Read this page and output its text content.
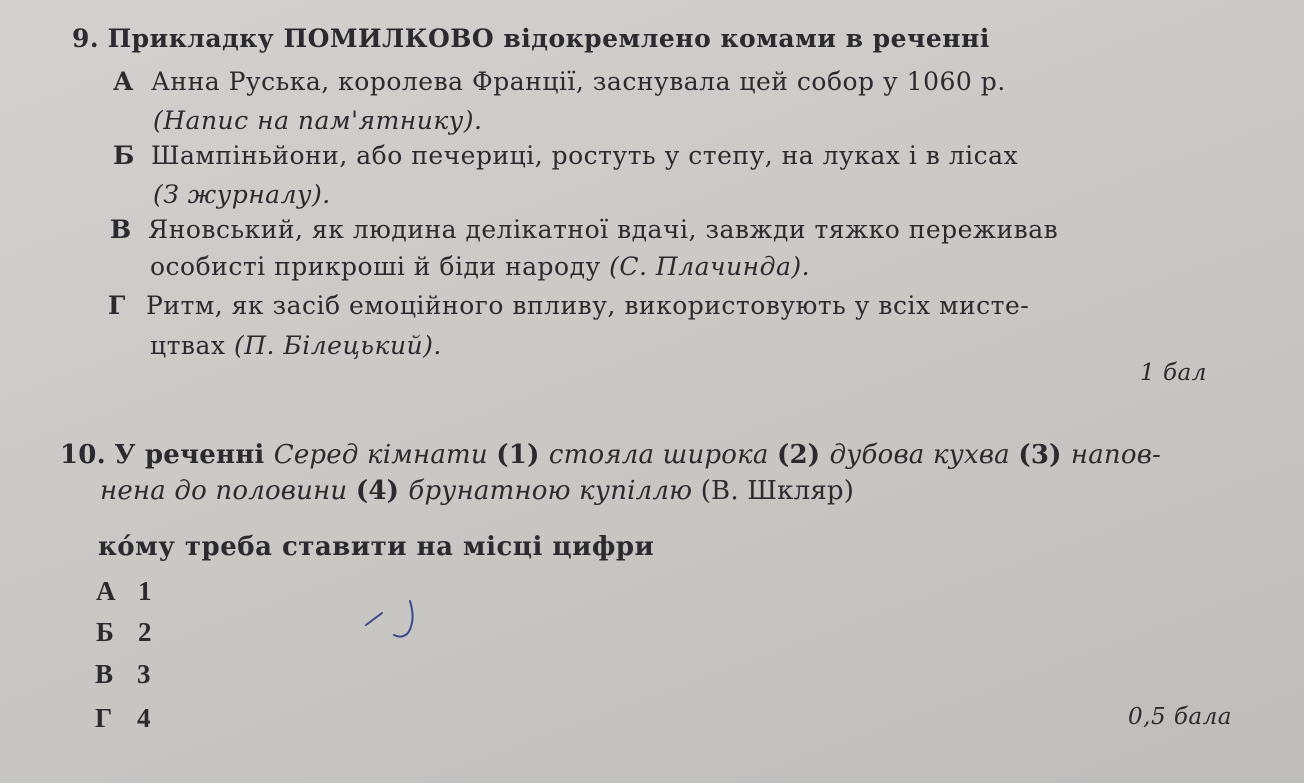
9. Прикладку ПОМИЛКОВО відокремлено комами в реченні
А Анна Руська, королева Франції, заснувала цей собор у 1060 р.
(Напис на пам'ятнику).
Б Шампіньйони, або печериці, ростуть у степу, на луках і в лісах
(З журналу).
В Яновський, як людина делікатної вдачі, завжди тяжко переживав
особисті прикроші й біди народу (С. Плачинда).
Г Ритм, як засіб емоційного впливу, використовують у всіх мисте-
цтвах (П. Білецький).
1 бал
10. У реченні Серед кімнати (1) стояла широка (2) дубова кухва (3) напов-
нена до половини (4) брунатною купіллю (В. Шкляр)
кóму треба ставити на місці цифри
А 1
Б 2
В 3
Г 4	0,5 бала
